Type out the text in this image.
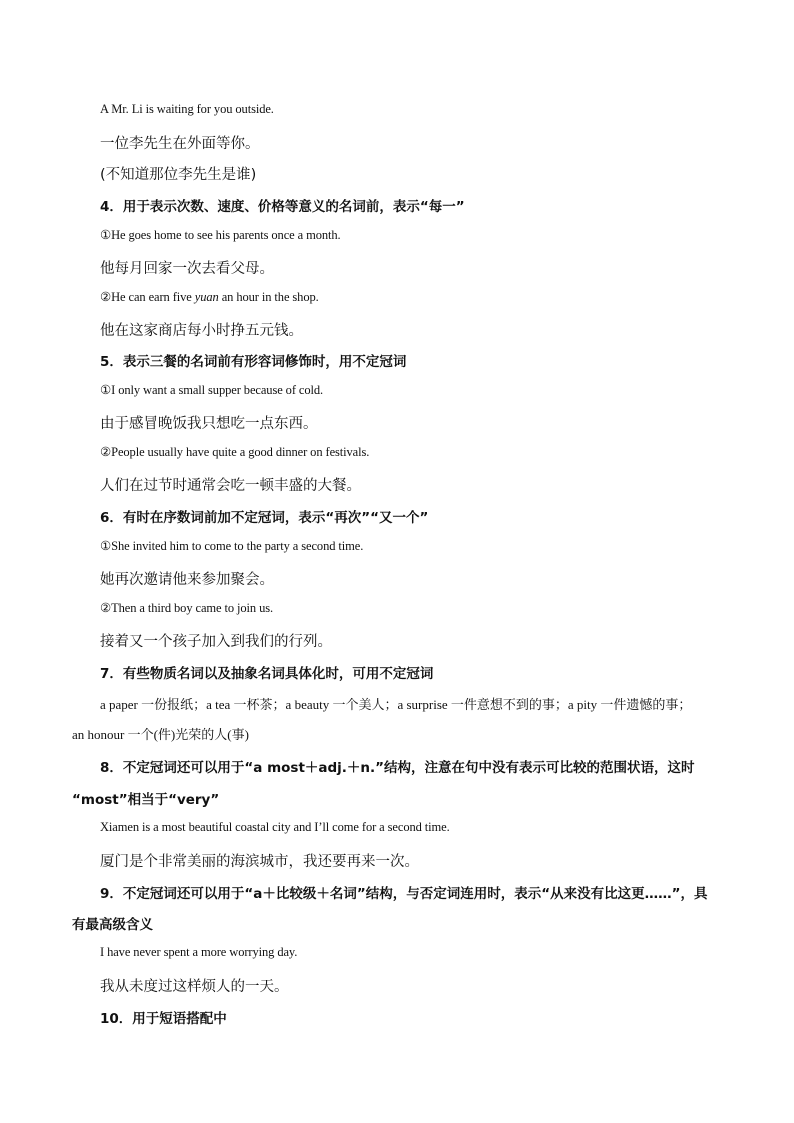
A Mr. Li is waiting for you outside.
一位李先生在外面等你。
(不知道那位李先生是谁)
4．用于表示次数、速度、价格等意义的名词前，表示“每一”
①He goes home to see his parents once a month.
他每月回家一次去看父母。
②He can earn five yuan an hour in the shop.
他在这家商店每小时挣五元钱。
5．表示三餐的名词前有形容词修饰时，用不定冠词
①I only want a small supper because of cold.
由于感冒晚饭我只想吃一点东西。
②People usually have quite a good dinner on festivals.
人们在过节时通常会吃一顿丰盛的大餐。
6．有时在序数词前加不定冠词，表示“再次”“又一个”
①She invited him to come to the party a second time.
她再次邀请他来参加聚会。
②Then a third boy came to join us.
接着又一个孩子加入到我们的行列。
7．有些物质名词以及抽象名词具体化时，可用不定冠词
a paper 一份报纸；a tea 一杯茶；a beauty 一个美人；a surprise 一件意想不到的事；a pity 一件遗憾的事；
an honour 一个(件)光荣的人(事)
8．不定冠词还可以用于“a most＋adj.＋n.”结构，注意在句中没有表示可比较的范围状语，这时
“most”相当于“very”
Xiamen is a most beautiful coastal city and I’ll come for a second time.
厦门是个非常美丽的海滨城市，我还要再来一次。
9．不定冠词还可以用于“a＋比较级＋名词”结构，与否定词连用时，表示“从来没有比这更……”，具
有最高级含义
I have never spent a more worrying day.
我从未度过这样烦人的一天。
10．用于短语搭配中
